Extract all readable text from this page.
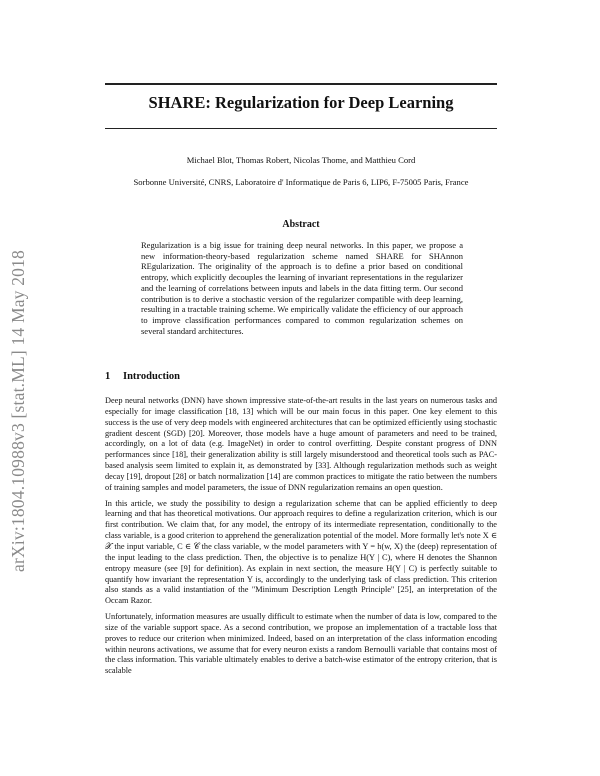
arXiv:1804.10988v3 [stat.ML] 14 May 2018
SHARE: Regularization for Deep Learning
Michael Blot, Thomas Robert, Nicolas Thome, and Matthieu Cord
Sorbonne Université, CNRS, Laboratoire d' Informatique de Paris 6, LIP6, F-75005 Paris, France
Abstract
Regularization is a big issue for training deep neural networks. In this paper, we propose a new information-theory-based regularization scheme named SHARE for SHAnnon REgularization. The originality of the approach is to define a prior based on conditional entropy, which explicitly decouples the learning of invariant representations in the regularizer and the learning of correlations between inputs and labels in the data fitting term. Our second contribution is to derive a stochastic version of the regularizer compatible with deep learning, resulting in a tractable training scheme. We empirically validate the efficiency of our approach to improve classification performances compared to common regularization schemes on several standard architectures.
1 Introduction

Deep neural networks (DNN) have shown impressive state-of-the-art results in the last years on numerous tasks and especially for image classification [18, 13] which will be our main focus in this paper. One key element to this success is the use of very deep models with engineered architectures that can be optimized efficiently using stochastic gradient descent (SGD) [20]. Moreover, those models have a huge amount of parameters and need to be trained, accordingly, on a lot of data (e.g. ImageNet) in order to control overfitting. Despite constant progress of DNN performances since [18], their generalization ability is still largely misunderstood and theoretical tools such as PAC-based analysis seem limited to explain it, as demonstrated by [33]. Although regularization methods such as weight decay [19], dropout [28] or batch normalization [14] are common practices to mitigate the ratio between the numbers of training samples and model parameters, the issue of DNN regularization remains an open question.

In this article, we study the possibility to design a regularization scheme that can be applied efficiently to deep learning and that has theoretical motivations. Our approach requires to define a regularization criterion, which is our first contribution. We claim that, for any model, the entropy of its intermediate representation, conditionally to the class variable, is a good criterion to apprehend the generalization potential of the model. More formally let's note X ∈ 𝒳 the input variable, C ∈ 𝒞 the class variable, w the model parameters with Y = h(w, X) the (deep) representation of the input leading to the class prediction. Then, the objective is to penalize H(Y | C), where H denotes the Shannon entropy measure (see [9] for definition). As explain in next section, the measure H(Y | C) is perfectly suitable to quantify how invariant the representation Y is, accordingly to the underlying task of class prediction. This criterion also stands as a valid instantiation of the "Minimum Description Length Principle" [25], an interpretation of the Occam Razor.

Unfortunately, information measures are usually difficult to estimate when the number of data is low, compared to the size of the variable support space. As a second contribution, we propose an implementation of a tractable loss that proves to reduce our criterion when minimized. Indeed, based on an interpretation of the class information encoding within neurons activations, we assume that for every neuron exists a random Bernoulli variable that contains most of the class information. This variable ultimately enables to derive a batch-wise estimator of the entropy criterion, that is scalable
